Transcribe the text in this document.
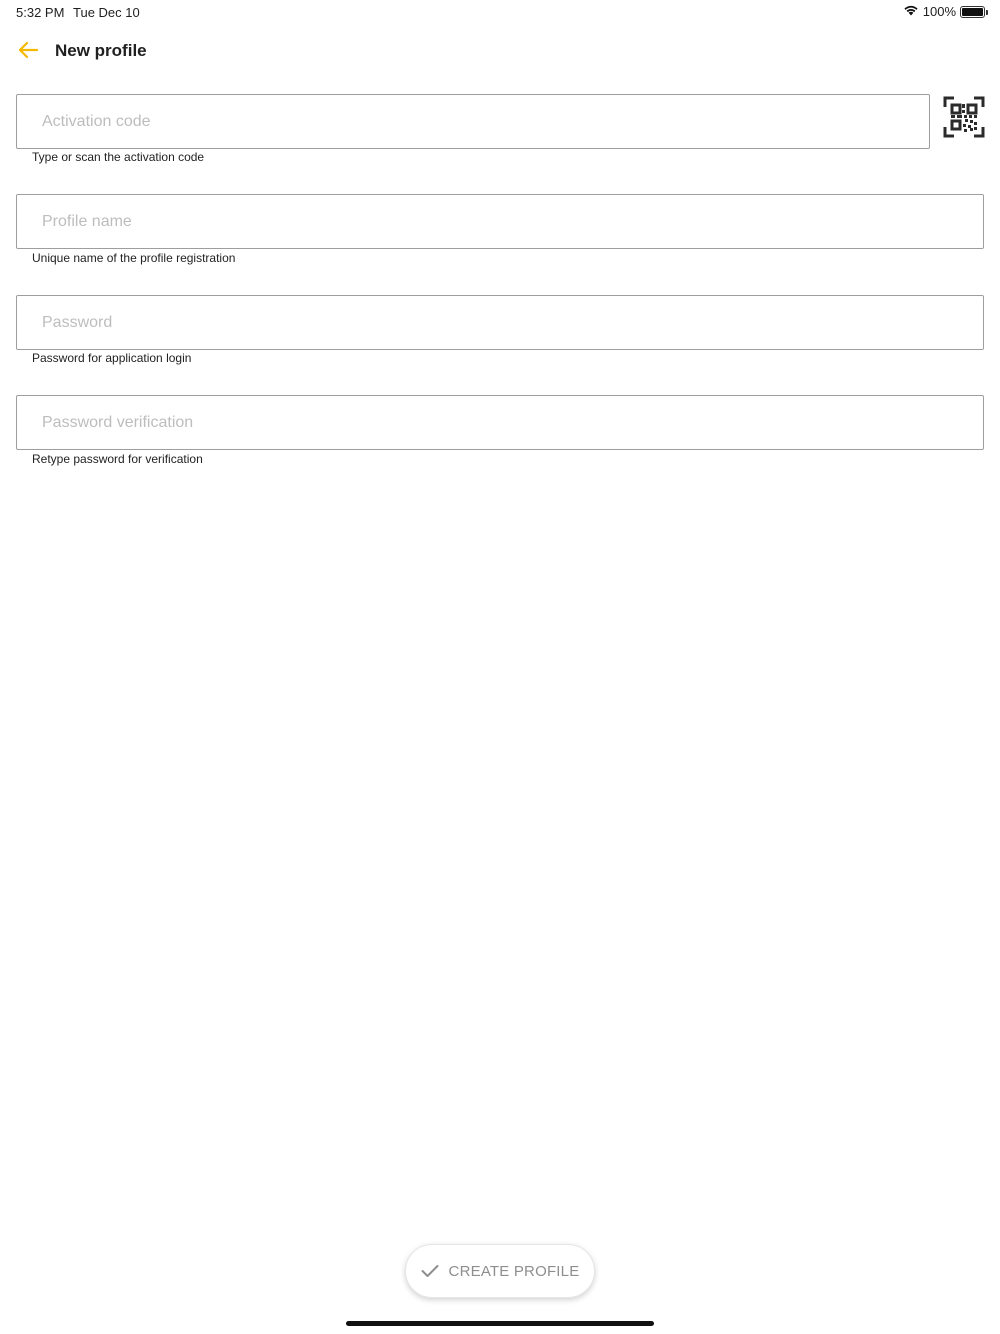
5:32 PM Tue Dec 10	100%
New profile
Activation code
Type or scan the activation code
Profile name
Unique name of the profile registration
Password for application login
Retype password for verification
CREATE PROFILE
